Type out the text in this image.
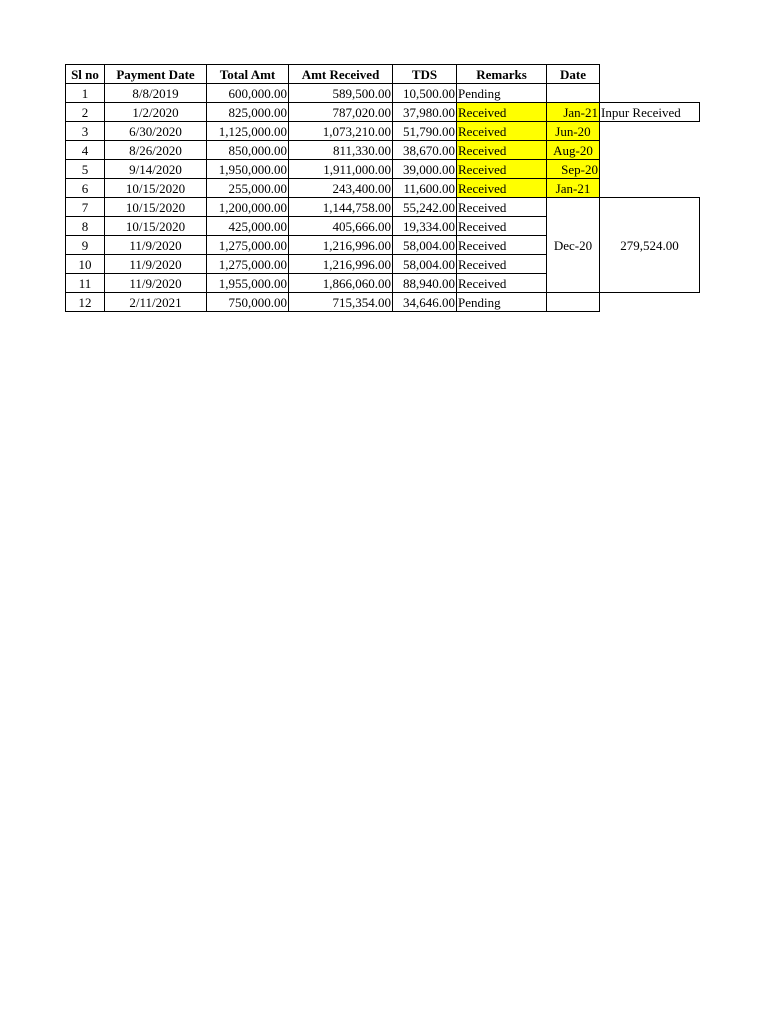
Sl no	Payment Date	Total Amt	Amt Received	TDS	Remarks	Date	
1	8/8/2019	600,000.00	589,500.00	10,500.00	Pending		
2	1/2/2020	825,000.00	787,020.00	37,980.00	Received	Jan-21	Inpur Received
3	6/30/2020	1,125,000.00	1,073,210.00	51,790.00	Received	Jun-20	
4	8/26/2020	850,000.00	811,330.00	38,670.00	Received	Aug-20	
5	9/14/2020	1,950,000.00	1,911,000.00	39,000.00	Received	Sep-20	
6	10/15/2020	255,000.00	243,400.00	11,600.00	Received	Jan-21	
7	10/15/2020	1,200,000.00	1,144,758.00	55,242.00	Received	Dec-20	279,524.00
8	10/15/2020	425,000.00	405,666.00	19,334.00	Received		
9	11/9/2020	1,275,000.00	1,216,996.00	58,004.00	Received		
10	11/9/2020	1,275,000.00	1,216,996.00	58,004.00	Received		
11	11/9/2020	1,955,000.00	1,866,060.00	88,940.00	Received		
12	2/11/2021	750,000.00	715,354.00	34,646.00	Pending		
